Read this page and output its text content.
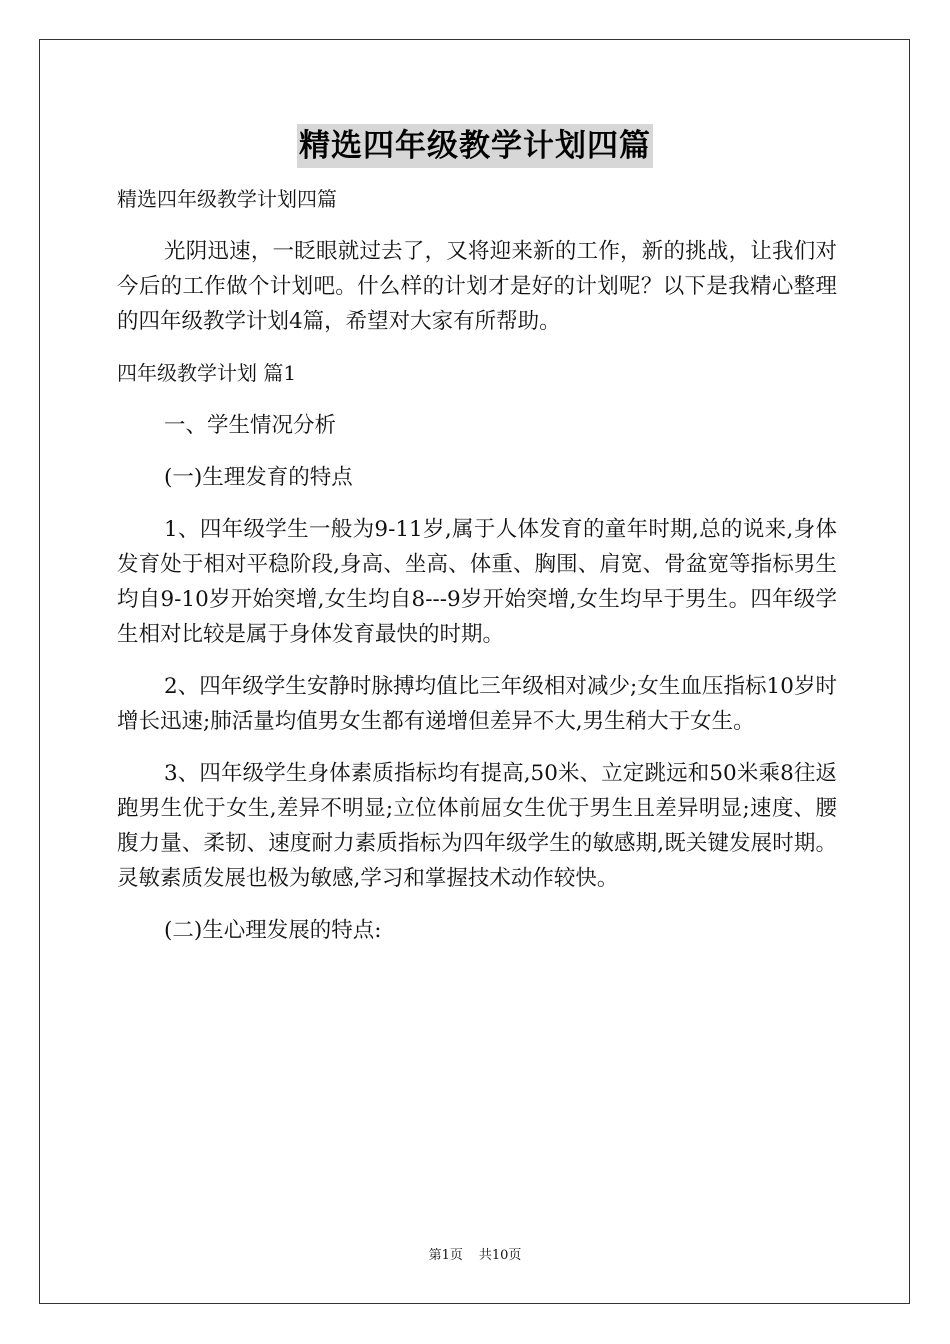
精选四年级教学计划四篇

精选四年级教学计划四篇

光阴迅速，一眨眼就过去了，又将迎来新的工作，新的挑战，让我们对今后的工作做个计划吧。什么样的计划才是好的计划呢？以下是我精心整理的四年级教学计划4篇，希望对大家有所帮助。

四年级教学计划 篇1

一、学生情况分析

(一)生理发育的特点

1、四年级学生一般为9-11岁,属于人体发育的童年时期,总的说来,身体发育处于相对平稳阶段,身高、坐高、体重、胸围、肩宽、骨盆宽等指标男生均自9-10岁开始突增,女生均自8---9岁开始突增,女生均早于男生。四年级学生相对比较是属于身体发育最快的时期。

2、四年级学生安静时脉搏均值比三年级相对减少;女生血压指标10岁时增长迅速;肺活量均值男女生都有递增但差异不大,男生稍大于女生。

3、四年级学生身体素质指标均有提高,50米、立定跳远和50米乘8往返跑男生优于女生,差异不明显;立位体前屈女生优于男生且差异明显;速度、腰腹力量、柔韧、速度耐力素质指标为四年级学生的敏感期,既关键发展时期。灵敏素质发展也极为敏感,学习和掌握技术动作较快。

(二)生心理发展的特点:

第1页 共10页
